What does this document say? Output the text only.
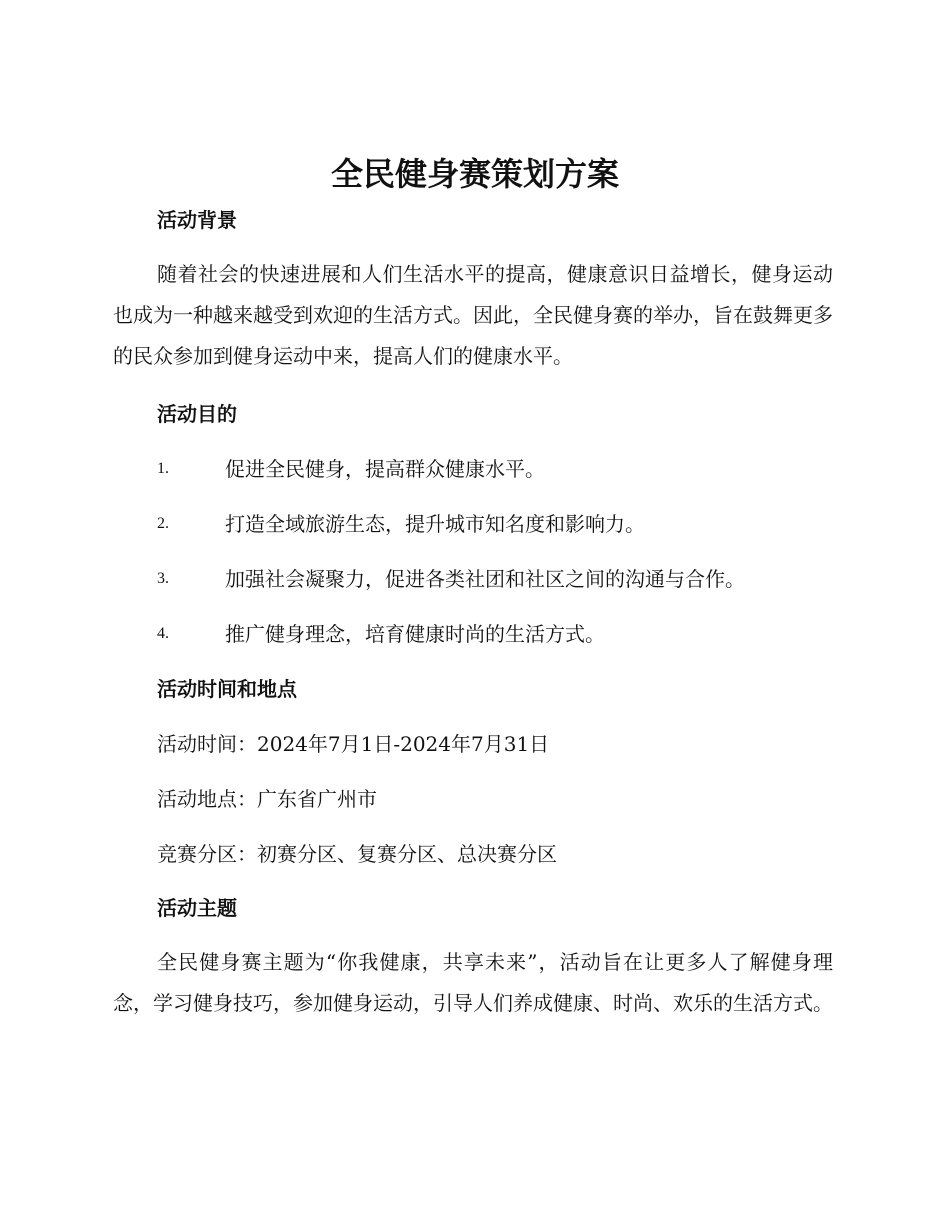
全民健身赛策划方案
活动背景

随着社会的快速进展和人们生活水平的提高，健康意识日益增长，健身运动也成为一种越来越受到欢迎的生活方式。因此，全民健身赛的举办，旨在鼓舞更多的民众参加到健身运动中来，提高人们的健康水平。

活动目的
1.	促进全民健身，提高群众健康水平。
2.	打造全域旅游生态，提升城市知名度和影响力。
3.	加强社会凝聚力，促进各类社团和社区之间的沟通与合作。
4.	推广健身理念，培育健康时尚的生活方式。
活动时间和地点
活动时间：2024年7月1日-2024年7月31日
活动地点：广东省广州市
竞赛分区：初赛分区、复赛分区、总决赛分区
活动主题

全民健身赛主题为“你我健康，共享未来”，活动旨在让更多人了解健身理念，学习健身技巧，参加健身运动，引导人们养成健康、时尚、欢乐的生活方式。
